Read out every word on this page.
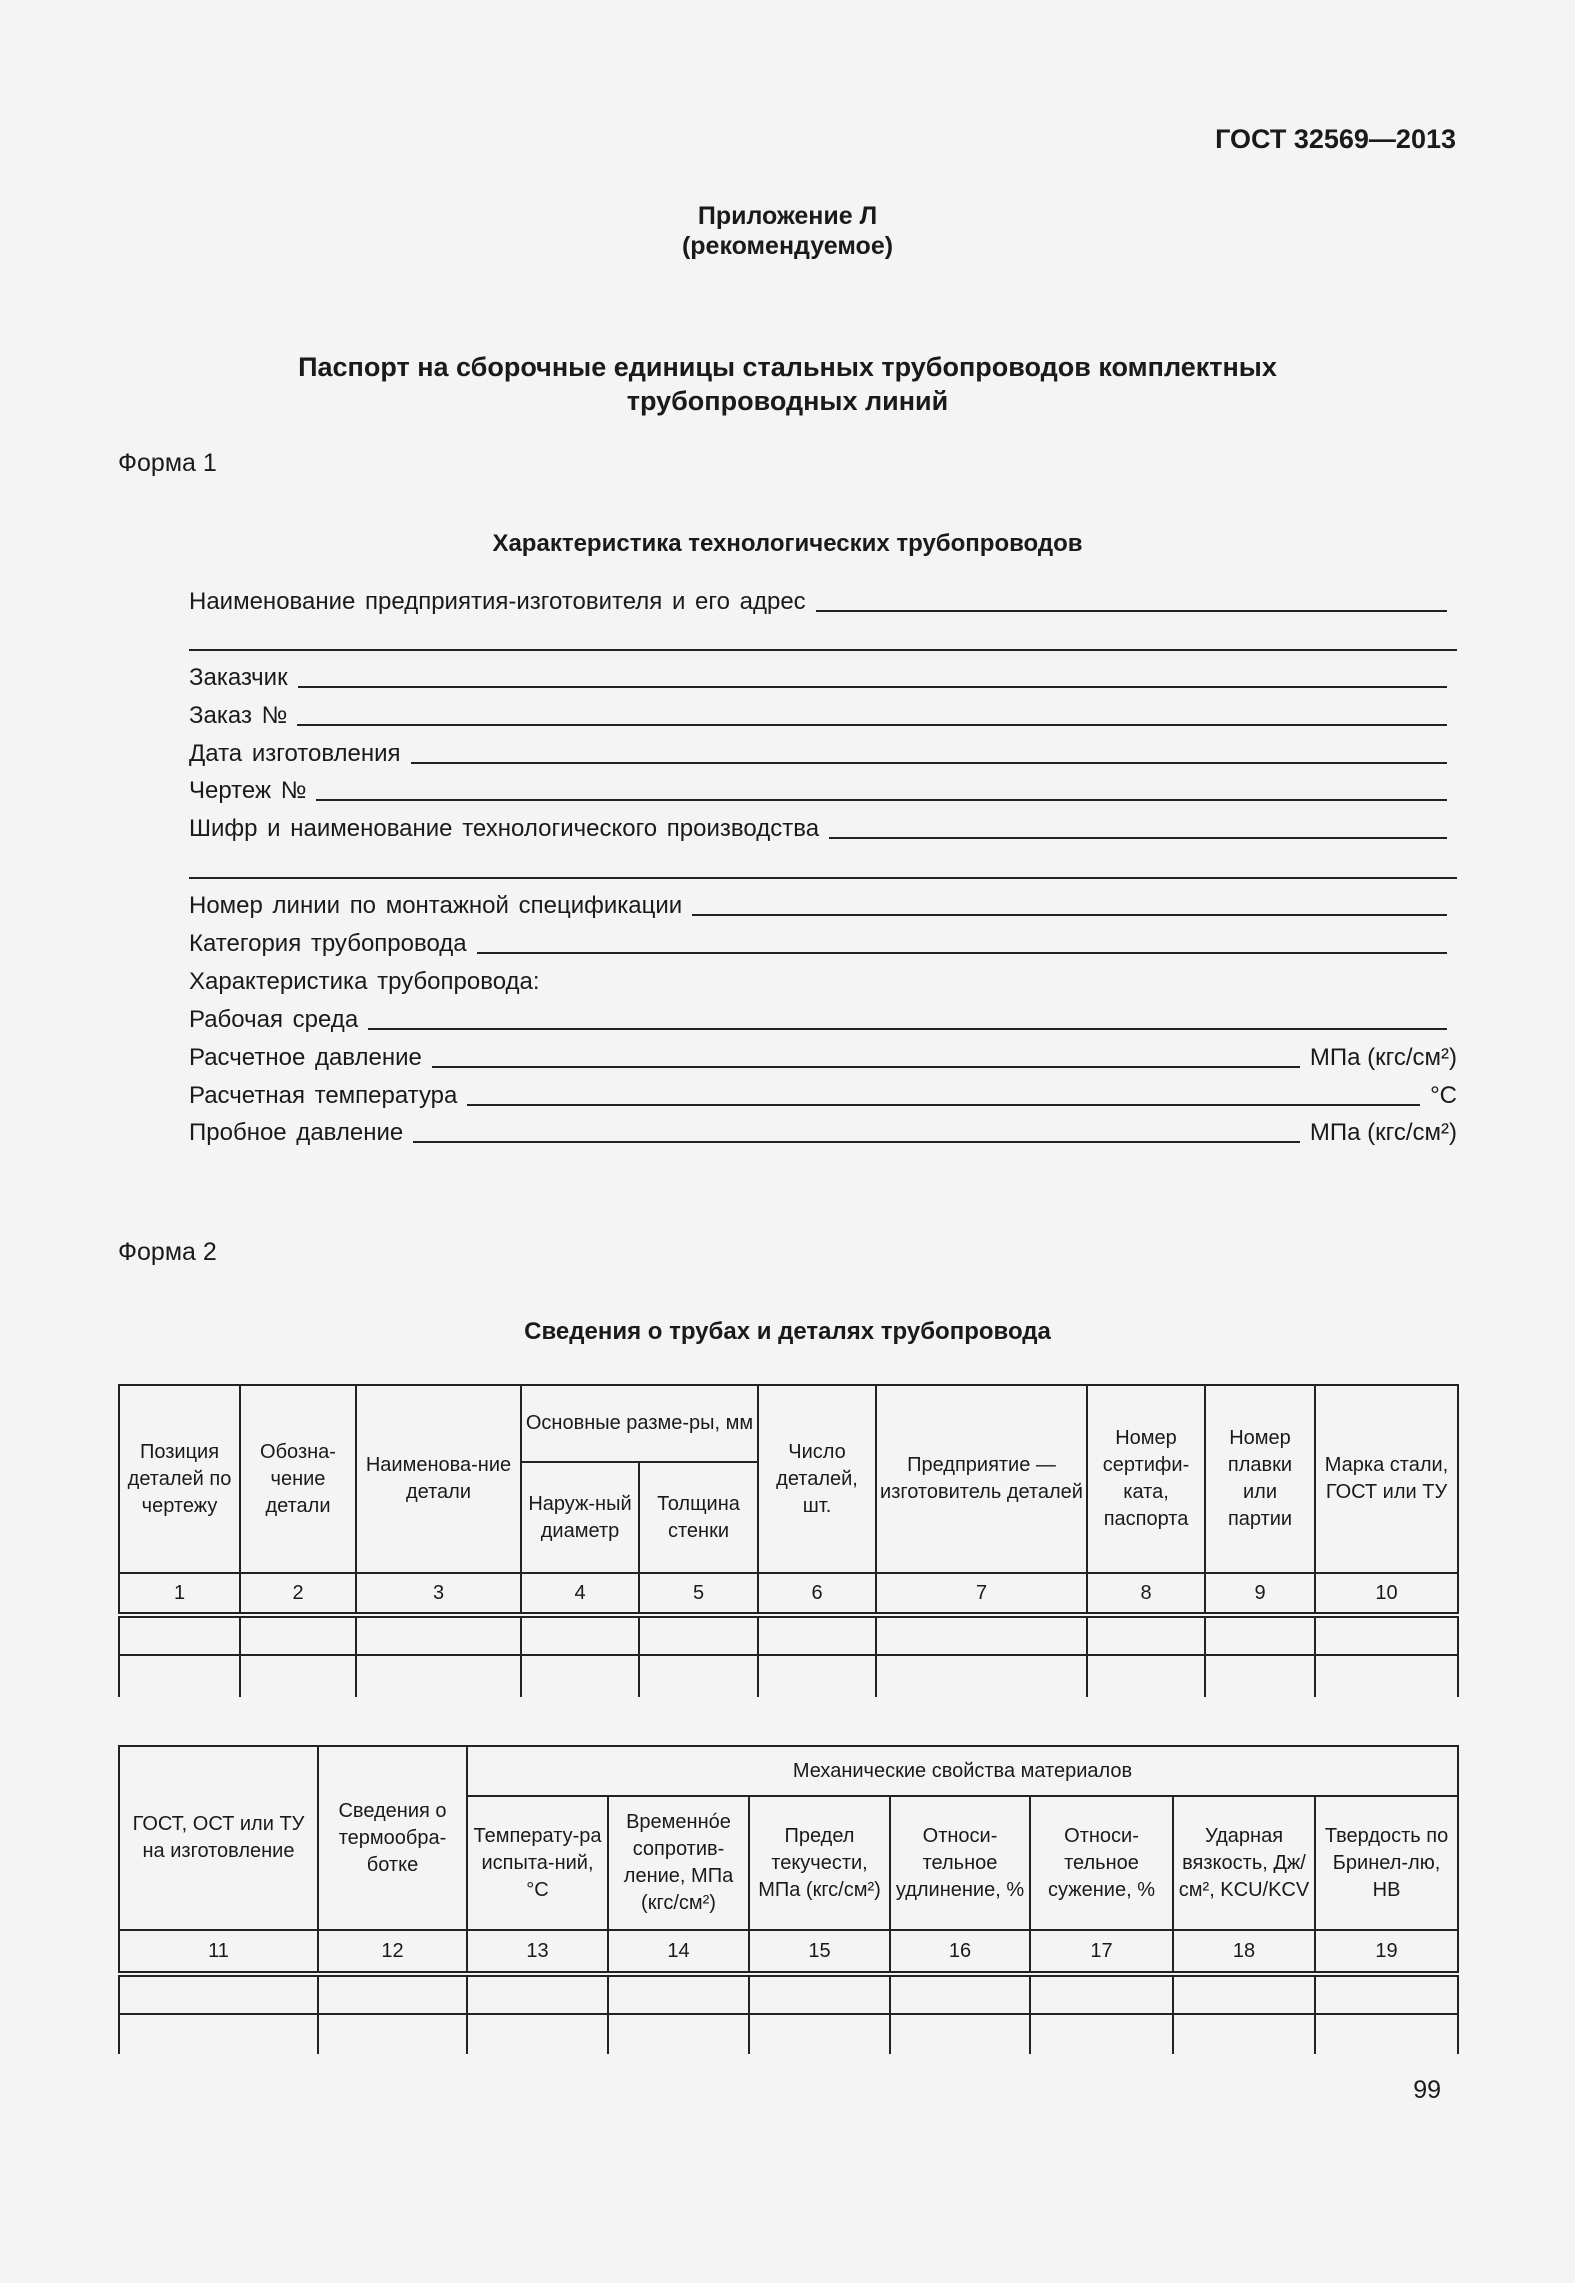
ГОСТ 32569—2013
Приложение Л
(рекомендуемое)
Паспорт на сборочные единицы стальных трубопроводов комплектных
трубопроводных линий
Форма 1
Характеристика технологических трубопроводов
Наименование предприятия-изготовителя и его адрес
Заказчик
Заказ №
Дата изготовления
Чертеж №
Шифр и наименование технологического производства
Номер линии по монтажной спецификации
Категория трубопровода
Характеристика трубопровода:
Рабочая среда
Расчетное давление	МПа (кгс/см²)
Расчетная температура	°С
Пробное давление	МПа (кгс/см²)
Форма 2
Сведения о трубах и деталях трубопровода
Позиция деталей по чертежу	Обозна-чение детали	Наименова-ние детали	Основные разме-ры, мм		Число деталей, шт.	Предприятие — изготовитель деталей	Номер сертифи-ката, паспорта	Номер плавки или партии	Марка стали, ГОСТ или ТУ
			Наруж-ный диаметр	Толщина стенки					
1	2	3	4	5	6	7	8	9	10

ГОСТ, ОСТ или ТУ на изготовление	Сведения о термообра-ботке	Механические свойства материалов						
		Температу-ра испыта-ний, °С	Временнóе сопротив-ление, МПа (кгс/см²)	Предел текучести, МПа (кгс/см²)	Относи-тельное удлинение, %	Относи-тельное сужение, %	Ударная вязкость, Дж/см², KCU/KCV	Твердость по Бринел-лю, НВ
11	12	13	14	15	16	17	18	19

99
